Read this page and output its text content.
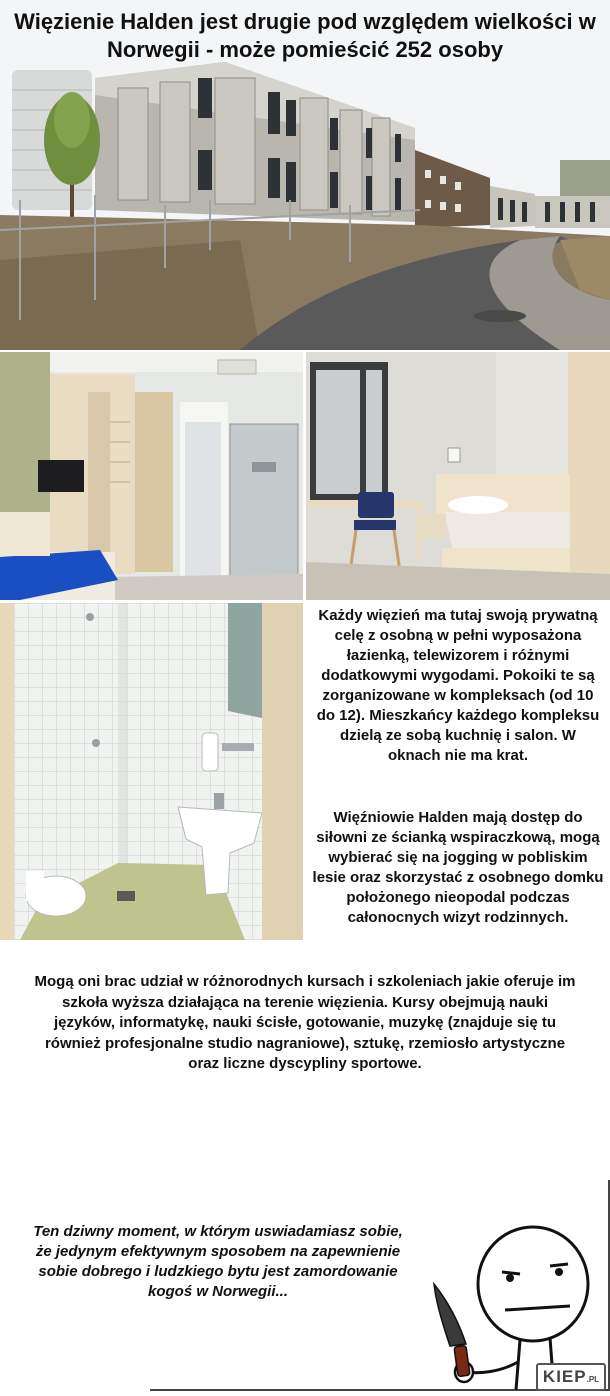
Więzienie Halden jest drugie pod względem wielkości w Norwegii - może pomieścić 252 osoby
Każdy więzień ma tutaj swoją prywatną celę z osobną w pełni wyposażona łazienką, telewizorem i różnymi dodatkowymi wygodami. Pokoiki te są zorganizowane w kompleksach (od 10 do 12). Mieszkańcy każdego kompleksu dzielą ze sobą kuchnię i salon. W oknach nie ma krat.
Więźniowie Halden mają dostęp do siłowni ze ścianką wspiraczkową, mogą wybierać się na jogging w pobliskim lesie oraz skorzystać z osobnego domku położonego nieopodal podczas całonocnych wizyt rodzinnych.
Mogą oni brac udział w różnorodnych kursach i szkoleniach jakie oferuje im szkoła wyższa działająca na terenie więzienia. Kursy obejmują nauki języków, informatykę, nauki ścisłe, gotowanie, muzykę (znajduje się tu również profesjonalne studio nagraniowe), sztukę, rzemiosło artystyczne oraz liczne dyscypliny sportowe.
Ten dziwny moment, w którym uswiadamiasz sobie, że jedynym efektywnym sposobem na zapewnienie sobie dobrego i ludzkiego bytu jest zamordowanie kogoś w Norwegii...
KIEP.PL
